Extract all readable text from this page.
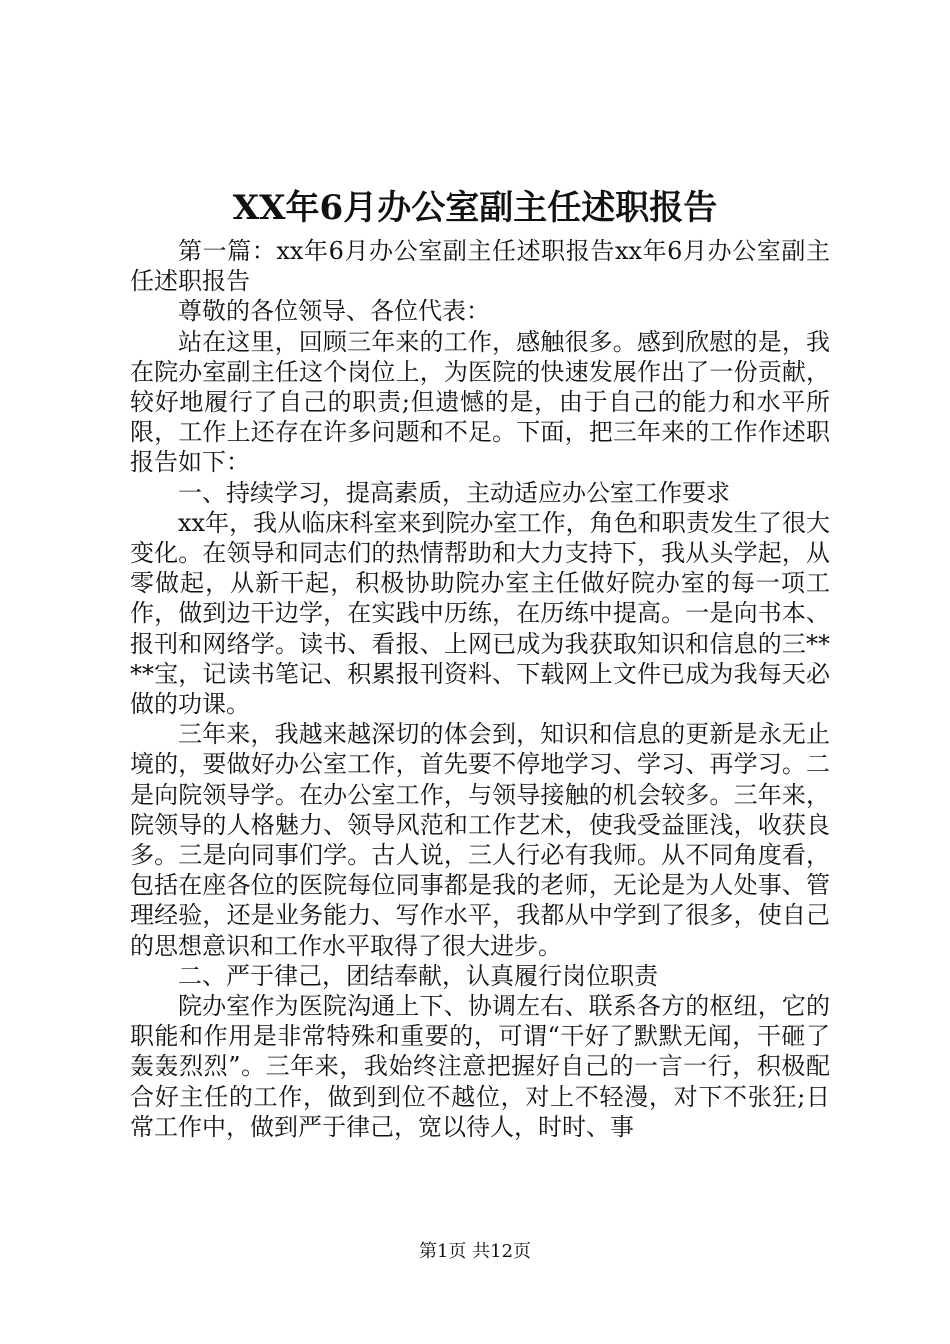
XX年6月办公室副主任述职报告

第一篇：xx年6月办公室副主任述职报告xx年6月办公室副主任述职报告

尊敬的各位领导、各位代表：

站在这里，回顾三年来的工作，感触很多。感到欣慰的是，我在院办室副主任这个岗位上，为医院的快速发展作出了一份贡献，较好地履行了自己的职责;但遗憾的是，由于自己的能力和水平所限，工作上还存在许多问题和不足。下面，把三年来的工作作述职报告如下：

一、持续学习，提高素质，主动适应办公室工作要求

xx年，我从临床科室来到院办室工作，角色和职责发生了很大变化。在领导和同志们的热情帮助和大力支持下，我从头学起，从零做起，从新干起，积极协助院办室主任做好院办室的每一项工作，做到边干边学，在实践中历练，在历练中提高。一是向书本、报刊和网络学。读书、看报、上网已成为我获取知识和信息的三****宝，记读书笔记、积累报刊资料、下载网上文件已成为我每天必做的功课。

三年来，我越来越深切的体会到，知识和信息的更新是永无止境的，要做好办公室工作，首先要不停地学习、学习、再学习。二是向院领导学。在办公室工作，与领导接触的机会较多。三年来，院领导的人格魅力、领导风范和工作艺术，使我受益匪浅，收获良多。三是向同事们学。古人说，三人行必有我师。从不同角度看，包括在座各位的医院每位同事都是我的老师，无论是为人处事、管理经验，还是业务能力、写作水平，我都从中学到了很多，使自己的思想意识和工作水平取得了很大进步。

二、严于律己，团结奉献，认真履行岗位职责

院办室作为医院沟通上下、协调左右、联系各方的枢纽，它的职能和作用是非常特殊和重要的，可谓“干好了默默无闻，干砸了轰轰烈烈”。三年来，我始终注意把握好自己的一言一行，积极配合好主任的工作，做到到位不越位，对上不轻漫，对下不张狂;日常工作中，做到严于律己，宽以待人，时时、事

第1页 共12页
